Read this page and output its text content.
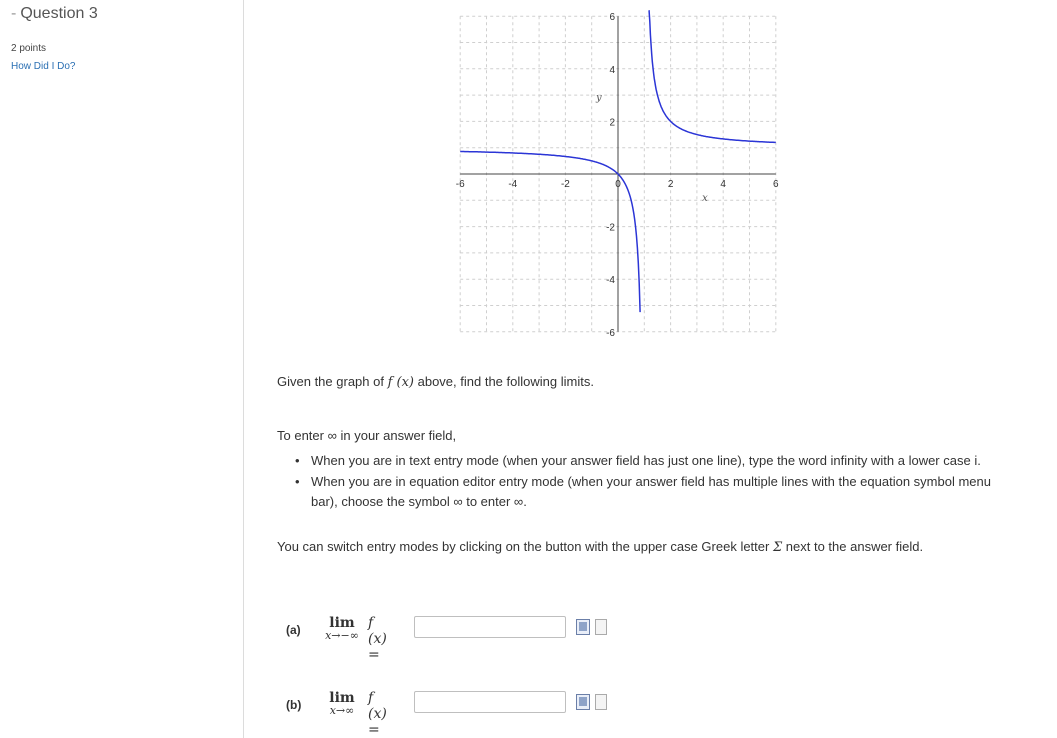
- Question 3
2 points
How Did I Do?
-6	-4	-2	0	2	4	6
6
4
2
-2
-4
-6
x
y
Given the graph of f (x) above, find the following limits.
To enter ∞ in your answer field,
• When you are in text entry mode (when your answer field has just one line), type the word infinity with a lower case i.
• When you are in equation editor entry mode (when your answer field has multiple lines with the equation symbol menu bar), choose the symbol ∞ to enter ∞.
You can switch entry modes by clicking on the button with the upper case Greek letter Σ next to the answer field.
(a)	lim
x→−∞
f (x) =
(b)	lim
x→∞
f (x) =
